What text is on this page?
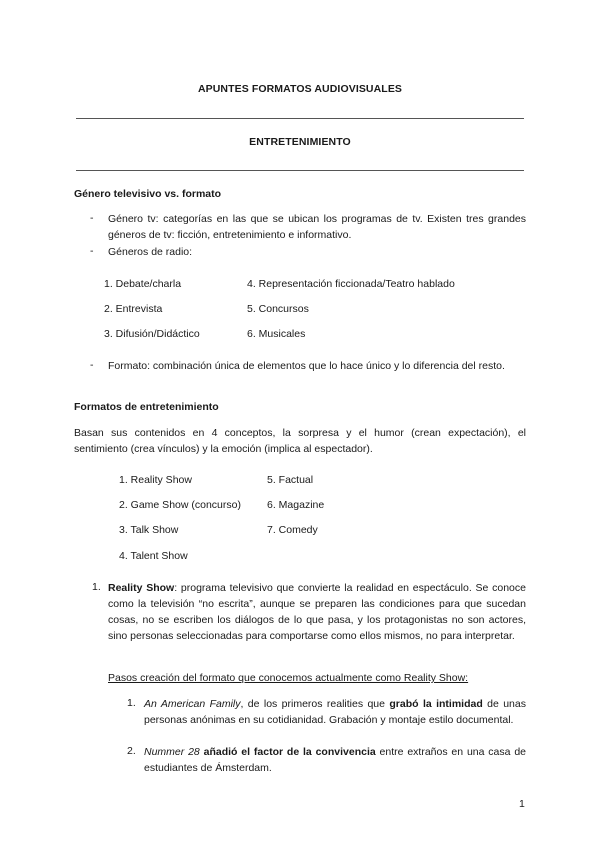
APUNTES FORMATOS AUDIOVISUALES
ENTRETENIMIENTO
Género televisivo vs. formato
- Género tv: categorías en las que se ubican los programas de tv. Existen tres grandes géneros de tv: ficción, entretenimiento e informativo.
- Géneros de radio:
1. Debate/charla
2. Entrevista
3. Difusión/Didáctico
4. Representación ficcionada/Teatro hablado
5. Concursos
6. Musicales
- Formato: combinación única de elementos que lo hace único y lo diferencia del resto.
Formatos de entretenimiento
Basan sus contenidos en 4 conceptos, la sorpresa y el humor (crean expectación), el sentimiento (crea vínculos) y la emoción (implica al espectador).
1. Reality Show
2. Game Show (concurso)
3. Talk Show
4. Talent Show
5. Factual
6. Magazine
7. Comedy
1. Reality Show: programa televisivo que convierte la realidad en espectáculo. Se conoce como la televisión “no escrita”, aunque se preparen las condiciones para que sucedan cosas, no se escriben los diálogos de lo que pasa, y los protagonistas no son actores, sino personas seleccionadas para comportarse como ellos mismos, no para interpretar.
Pasos creación del formato que conocemos actualmente como Reality Show:
1. An American Family, de los primeros realities que grabó la intimidad de unas personas anónimas en su cotidianidad. Grabación y montaje estilo documental.
2. Nummer 28 añadió el factor de la convivencia entre extraños en una casa de estudiantes de Ámsterdam.
1
